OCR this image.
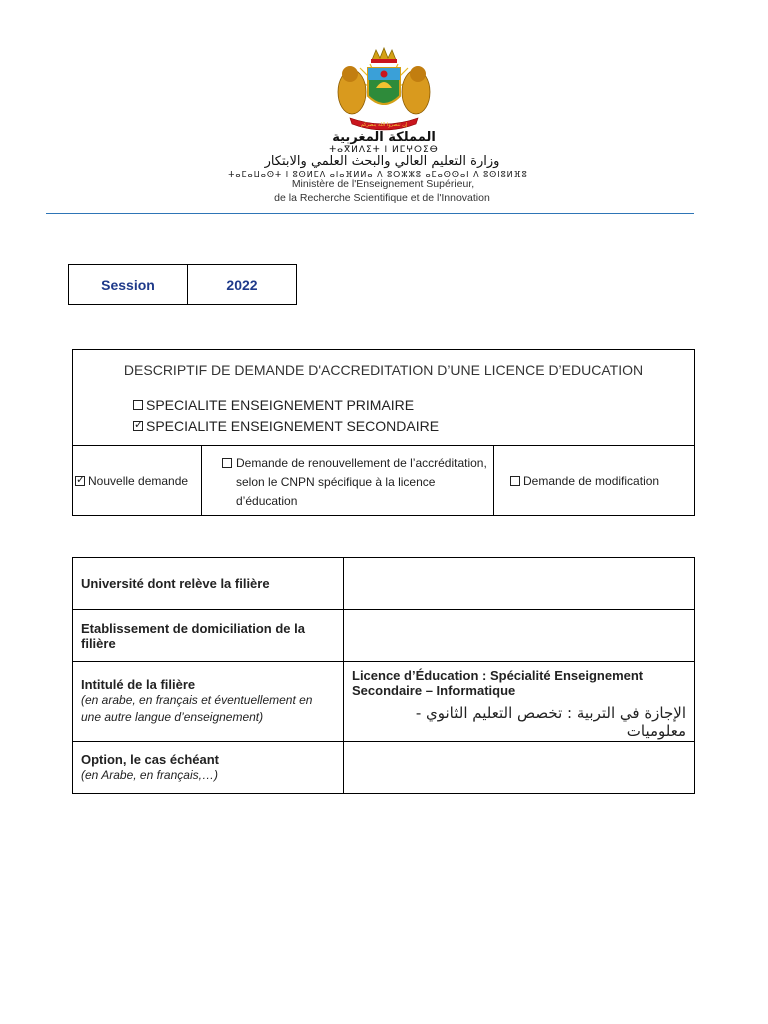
إن تنصروا الله ينصركم
المملكة المغربية
ⵜⴰⴳⵍⴷⵉⵜ ⵏ ⵍⵎⵖⵔⵉⴱ
وزارة التعليم العالي والبحث العلمي والابتكار
ⵜⴰⵎⴰⵡⴰⵙⵜ ⵏ ⵓⵙⵍⵎⴷ ⴰⵏⴰⴼⵍⵍⴰ ⴷ ⵓⵔⵣⵣⵓ ⴰⵎⴰⵙⵙⴰⵏ ⴷ ⵓⵙⵏⵓⵍⴼⵓ
Ministère de l'Enseignement Supérieur,
de la Recherche Scientifique et de l'Innovation
Session	2022
DESCRIPTIF DE DEMANDE D'ACCREDITATION D’UNE LICENCE D’EDUCATION
SPECIALITE ENSEIGNEMENT PRIMAIRE
✓
SPECIALITE ENSEIGNEMENT SECONDAIRE
✓
Nouvelle demande
Demande de renouvellement de l’accréditation, selon le CNPN spécifique à la licence d’éducation
Demande de modification
Université dont relève la filière
Etablissement de domiciliation de la filière
Intitulé de la filière
(en arabe, en français et éventuellement en une autre langue d’enseignement)
Licence d’Éducation : Spécialité Enseignement Secondaire – Informatique
الإجازة في التربية : تخصص التعليم الثانوي - معلوميات
Option, le cas échéant
(en Arabe, en français,…)
